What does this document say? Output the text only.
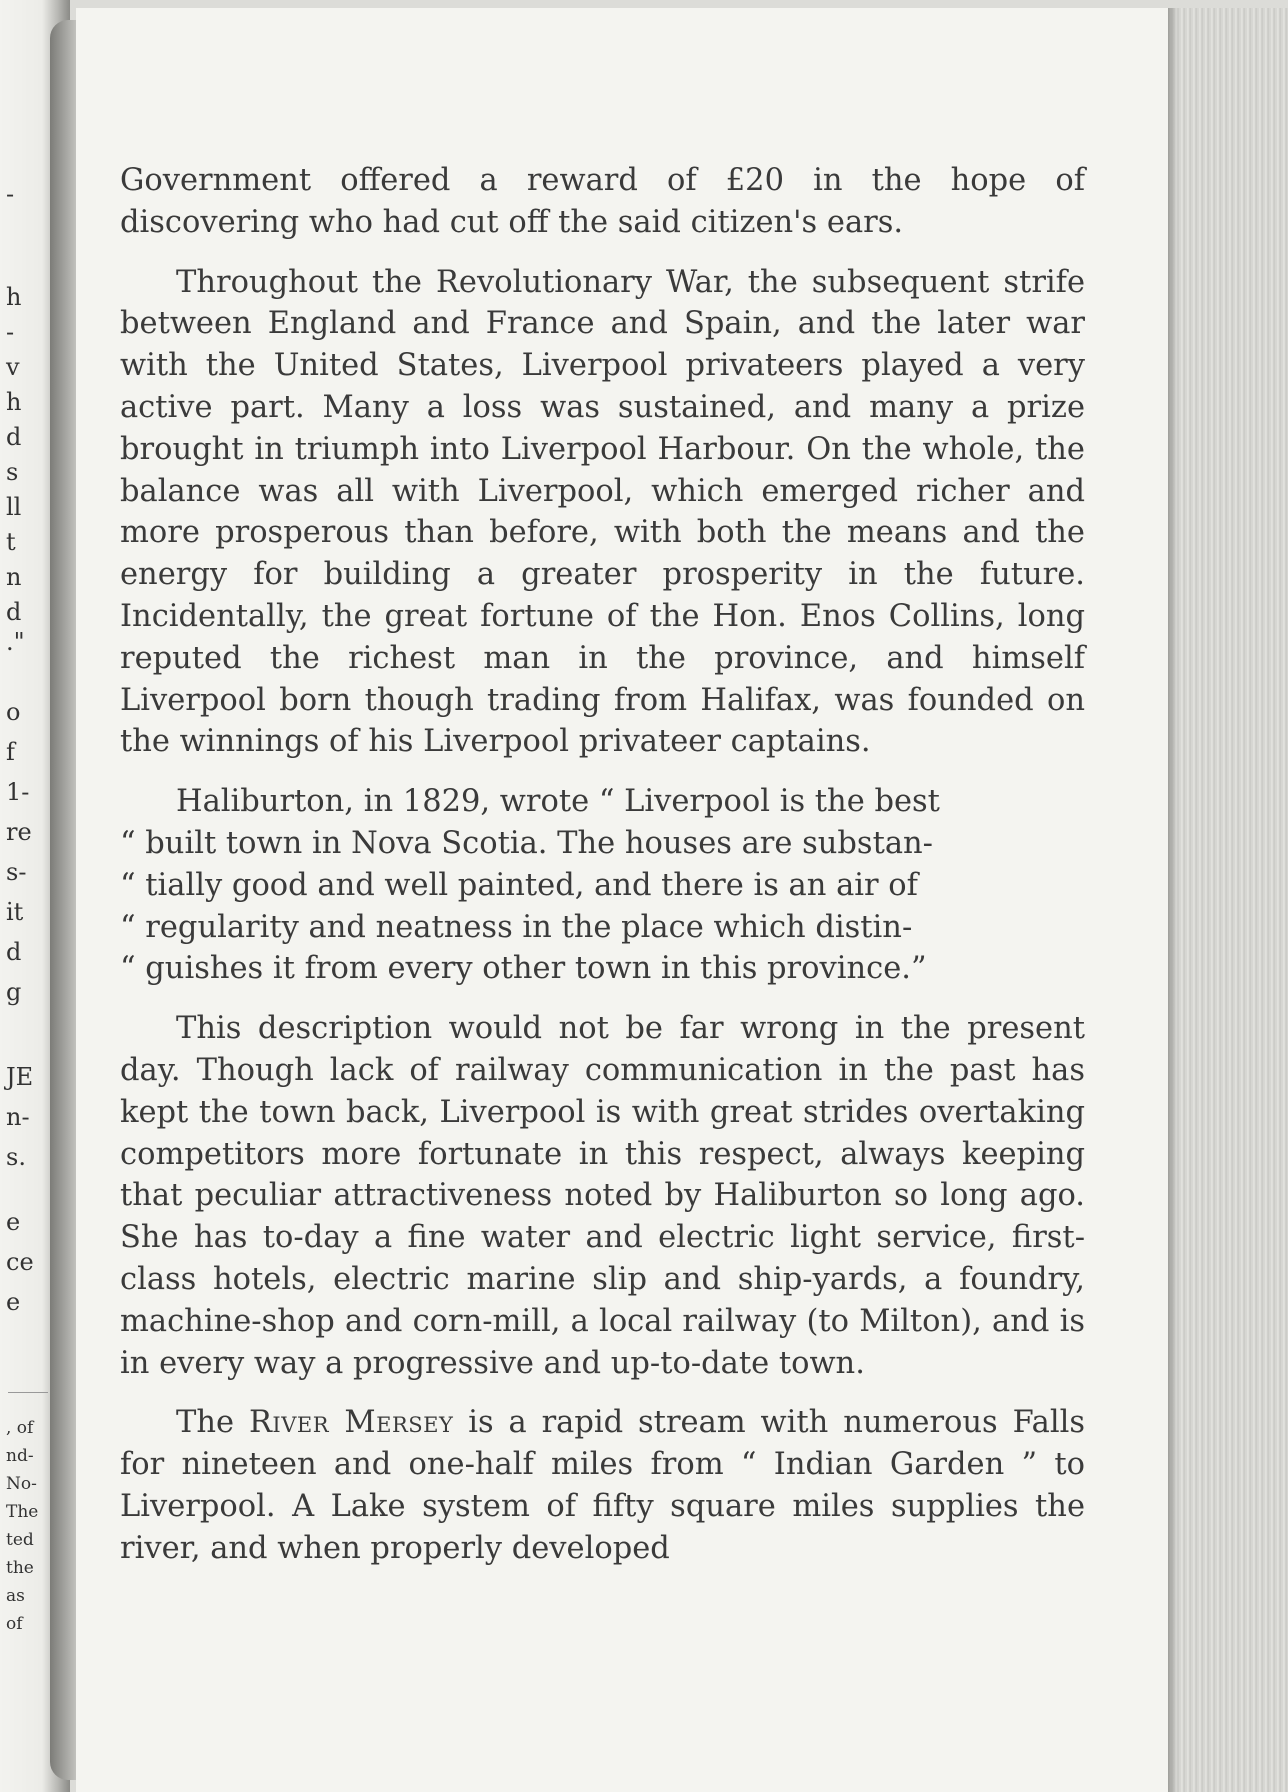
-
h
-
v
h
d
s
ll
t
n
d
."
o
f
1-
re
s-
it
d
g
JE
n-
s.
e
ce
e
, of
nd-
No-
The
ted
the
as
of

Government offered a reward of £20 in the hope of discovering who had cut off the said citizen's ears.

Throughout the Revolutionary War, the subsequent strife between England and France and Spain, and the later war with the United States, Liverpool privateers played a very active part. Many a loss was sustained, and many a prize brought in triumph into Liverpool Harbour. On the whole, the balance was all with Liverpool, which emerged richer and more prosperous than before, with both the means and the energy for building a greater prosperity in the future. Incidentally, the great fortune of the Hon. Enos Collins, long reputed the richest man in the province, and himself Liverpool born though trading from Halifax, was founded on the winnings of his Liverpool privateer captains.

Haliburton, in 1829, wrote “ Liverpool is the best
“ built town in Nova Scotia. The houses are substan-
“ tially good and well painted, and there is an air of
“ regularity and neatness in the place which distin-
“ guishes it from every other town in this province.”

This description would not be far wrong in the present day. Though lack of railway communication in the past has kept the town back, Liverpool is with great strides overtaking competitors more fortunate in this respect, always keeping that peculiar attractiveness noted by Haliburton so long ago. She has to-day a fine water and electric light service, first-class hotels, electric marine slip and ship-yards, a foundry, machine-shop and corn-mill, a local railway (to Milton), and is in every way a progressive and up-to-date town.

The River Mersey is a rapid stream with numerous Falls for nineteen and one-half miles from “ Indian Garden ” to Liverpool. A Lake system of fifty square miles supplies the river, and when properly developed
